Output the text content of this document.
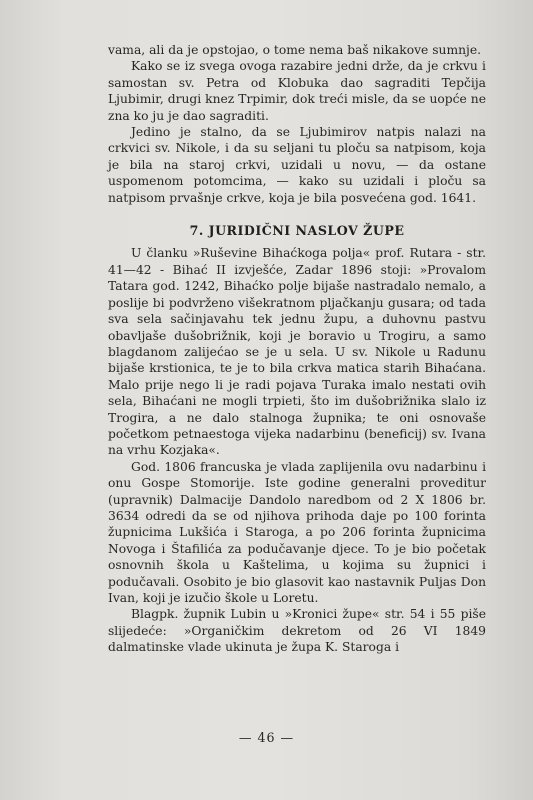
vama, ali da je opstojao, o tome nema baš nikakove sumnje.

Kako se iz svega ovoga razabire jedni drže, da je crkvu i samostan sv. Petra od Klobuka dao sagraditi Tepčija Ljubimir, drugi knez Trpimir, dok treći misle, da se uopće ne zna ko ju je dao sagraditi.

Jedino je stalno, da se Ljubimirov natpis nalazi na crkvici sv. Nikole, i da su seljani tu ploču sa natpisom, koja je bila na starој crkvi, uzidali u novu, — da ostane uspomenom potomcima, — kako su uzidali i ploču sa natpisom prvašnje crkve, koja je bila posvećena god. 1641.

7. JURIDIČNI NASLOV ŽUPE

U članku »Ruševine Bihaćkoga polja« prof. Rutara - str. 41—42 - Bihać II izvješće, Zadar 1896 stoji: »Provalom Tatara god. 1242, Bihaćko polje bijaše nastradalo nemalo, a poslije bi podvrženo višekratnom pljačkanju gusara; od tada sva sela sačinjavahu tek jednu župu, a duhovnu pastvu obavljaše dušobrižnik, koji je boravio u Trogiru, a samo blagdanom zalijećao se je u sela. U sv. Nikole u Radunu bijaše krstionica, te je to bila crkva matica starih Bihaćana. Malo prije nego li je radi pojava Turaka imalo nestati ovih sela, Bihaćani ne mogli trpieti, što im dušobrižnika slalo iz Trogira, a ne dalo stalnoga župnika; te oni osnovaše početkom petnaestoga vijeka nadarbinu (beneficij) sv. Ivana na vrhu Kozjaka«.

God. 1806 francuska je vlada zaplijenila ovu nadarbinu i onu Gospe Stomorije. Iste godine generalni proveditur (upravnik) Dalmacije Dandolo naredbom od 2 X 1806 br. 3634 odredi da se od njihova prihoda daje po 100 forinta župnicima Lukšića i Staroga, a po 206 forinta župnicima Novoga i Štafilića za podučavanje djece. To je bio početak osnovnih škola u Kaštelima, u kojima su župnici i podučavali. Osobito je bio glasovit kao nastavnik Puljas Don Ivan, koji je izučio škole u Loretu.

Blagpk. župnik Lubin u »Kronici župe« str. 54 i 55 piše slijedeće: »Organičkim dekretom od 26 VI 1849 dalmatinske vlade ukinuta je župa K. Staroga i

— 46 —
